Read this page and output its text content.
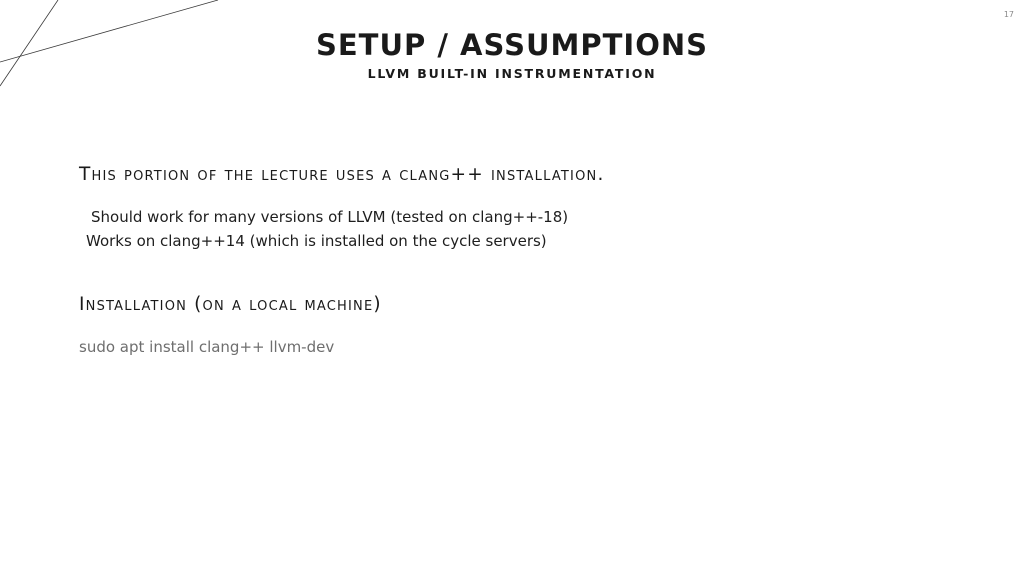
17
SETUP / ASSUMPTIONS
LLVM BUILT-IN INSTRUMENTATION
This portion of the lecture uses a clang++ installation.
Should work for many versions of LLVM (tested on clang++-18)
Works on clang++14 (which is installed on the cycle servers)
Installation (on a local machine)
sudo apt install clang++ llvm-dev
